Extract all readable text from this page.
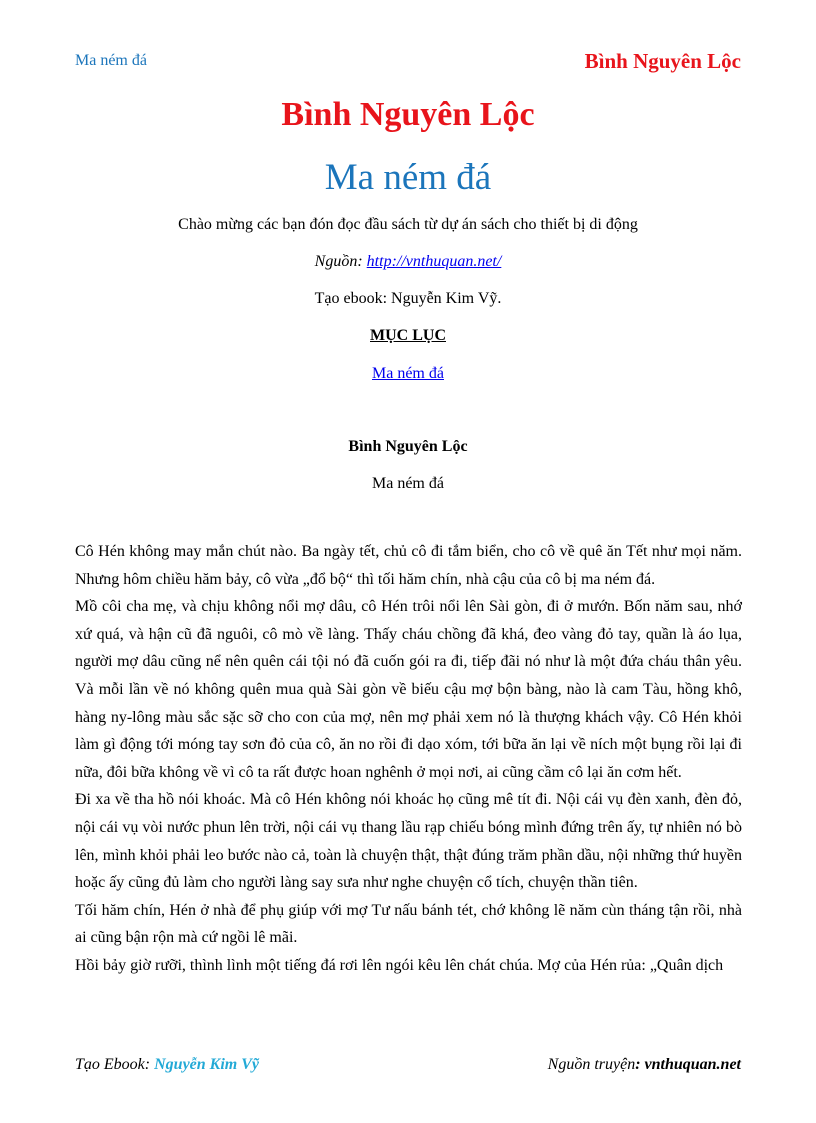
Ma ném đá	Bình Nguyên Lộc
Bình Nguyên Lộc
Ma ném đá
Chào mừng các bạn đón đọc đầu sách từ dự án sách cho thiết bị di động
Nguồn: http://vnthuquan.net/
Tạo ebook: Nguyễn Kim Vỹ.
MỤC LỤC
Ma ném đá
Bình Nguyên Lộc
Ma ném đá

Cô Hén không may mắn chút nào. Ba ngày tết, chủ cô đi tắm biển, cho cô về quê ăn Tết như mọi năm. Nhưng hôm chiều hăm bảy, cô vừa „đổ bộ“ thì tối hăm chín, nhà cậu của cô bị ma ném đá.

Mồ côi cha mẹ, và chịu không nổi mợ dâu, cô Hén trôi nổi lên Sài gòn, đi ở mướn. Bốn năm sau, nhớ xứ quá, và hận cũ đã nguôi, cô mò về làng. Thấy cháu chồng đã khá, đeo vàng đỏ tay, quần là áo lụa, người mợ dâu cũng nể nên quên cái tội nó đã cuốn gói ra đi, tiếp đãi nó như là một đứa cháu thân yêu. Và mỗi lần về nó không quên mua quà Sài gòn về biếu cậu mợ bộn bàng, nào là cam Tàu, hồng khô, hàng ny-lông màu sắc sặc sỡ cho con của mợ, nên mợ phải xem nó là thượng khách vậy. Cô Hén khỏi làm gì động tới móng tay sơn đỏ của cô, ăn no rồi đi dạo xóm, tới bữa ăn lại về ních một bụng rồi lại đi nữa, đôi bữa không về vì cô ta rất được hoan nghênh ở mọi nơi, ai cũng cầm cô lại ăn cơm hết.

Đi xa về tha hồ nói khoác. Mà cô Hén không nói khoác họ cũng mê tít đi. Nội cái vụ đèn xanh, đèn đỏ, nội cái vụ vòi nước phun lên trời, nội cái vụ thang lầu rạp chiếu bóng mình đứng trên ấy, tự nhiên nó bò lên, mình khỏi phải leo bước nào cả, toàn là chuyện thật, thật đúng trăm phần dầu, nội những thứ huyền hoặc ấy cũng đủ làm cho người làng say sưa như nghe chuyện cổ tích, chuyện thần tiên.

Tối hăm chín, Hén ở nhà để phụ giúp với mợ Tư nấu bánh tét, chớ không lẽ năm cùn tháng tận rồi, nhà ai cũng bận rộn mà cứ ngồi lê mãi.

Hồi bảy giờ rưỡi, thình lình một tiếng đá rơi lên ngói kêu lên chát chúa. Mợ của Hén rủa: „Quân dịch

Tạo Ebook: Nguyễn Kim Vỹ	Nguồn truyện: vnthuquan.net
